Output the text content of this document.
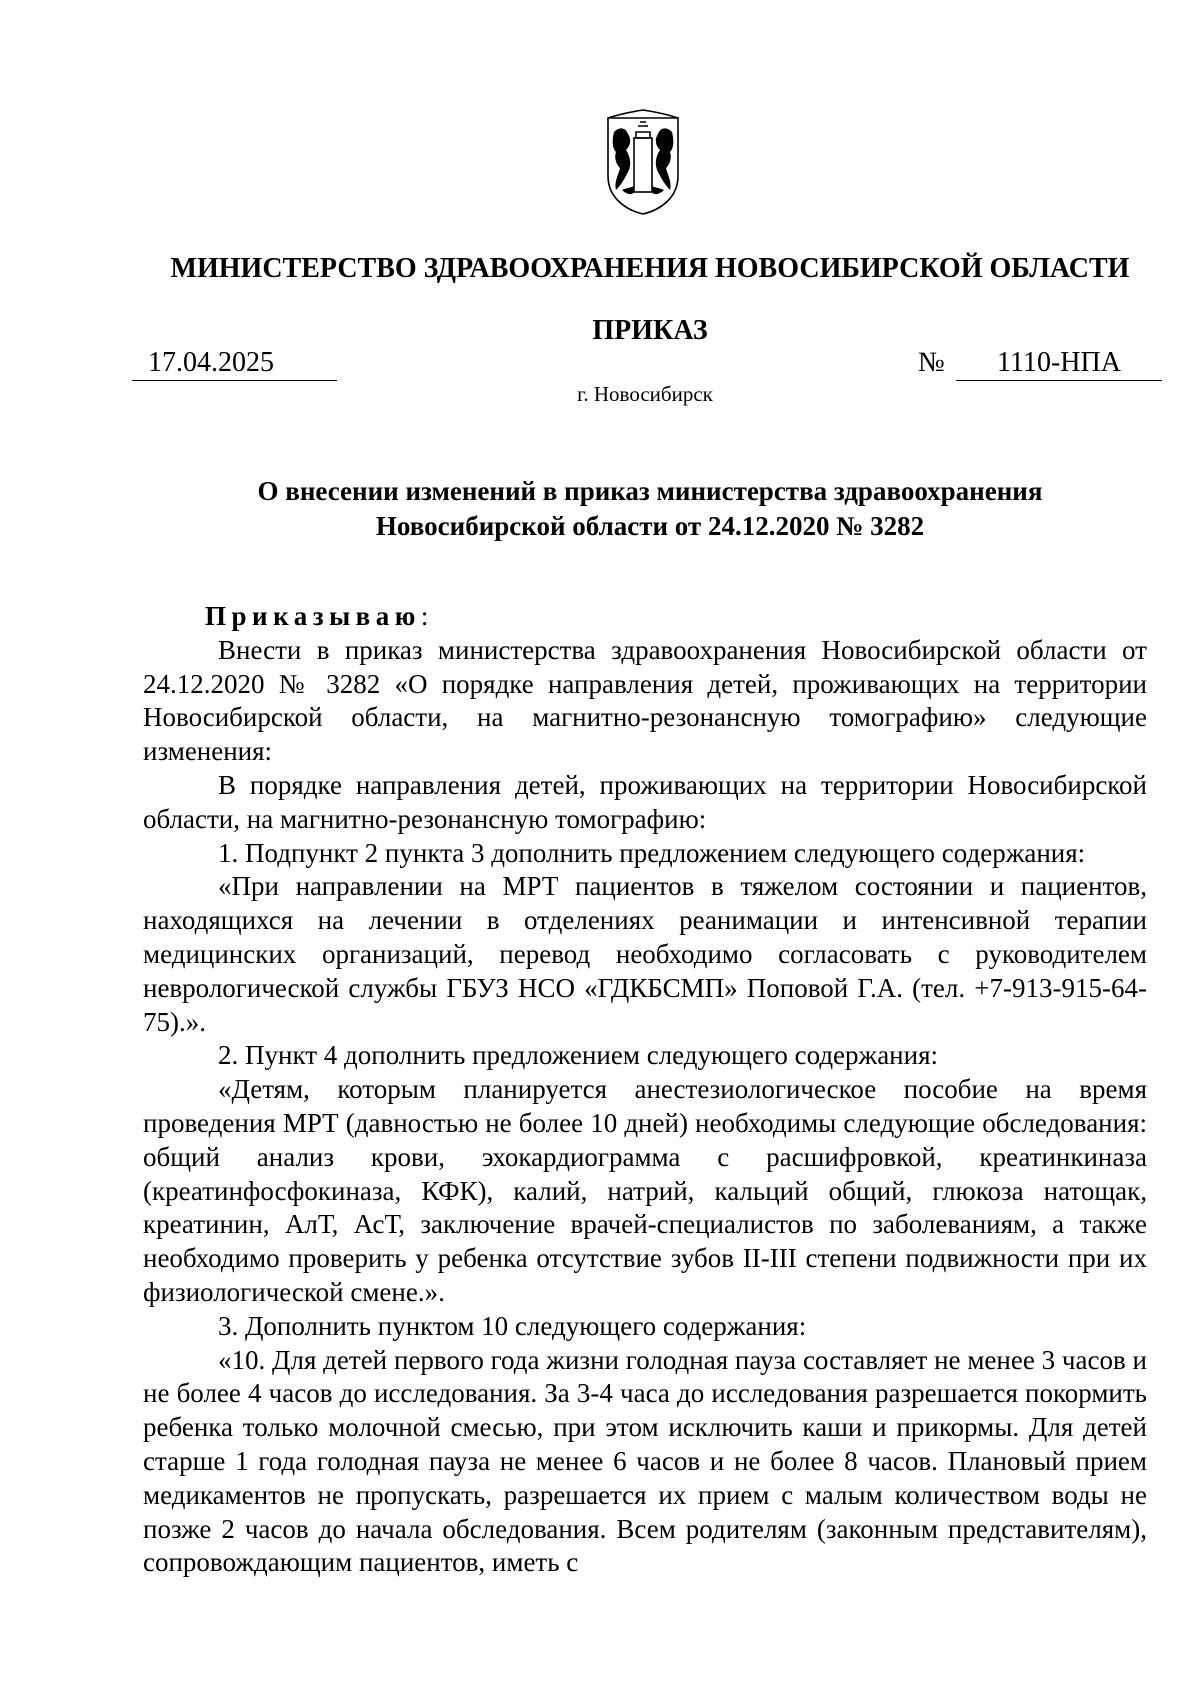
МИНИСТЕРСТВО ЗДРАВООХРАНЕНИЯ НОВОСИБИРСКОЙ ОБЛАСТИ
ПРИКАЗ
17.04.2025	№	1110-НПА
г. Новосибирск
О внесении изменений в приказ министерства здравоохранения
Новосибирской области от 24.12.2020 № 3282

Приказываю:

Внести в приказ министерства здравоохранения Новосибирской области от 24.12.2020 № 3282 «О порядке направления детей, проживающих на территории Новосибирской области, на магнитно-резонансную томографию» следующие изменения:

В порядке направления детей, проживающих на территории Новосибирской области, на магнитно-резонансную томографию:

1. Подпункт 2 пункта 3 дополнить предложением следующего содержания:

«При направлении на МРТ пациентов в тяжелом состоянии и пациентов, находящихся на лечении в отделениях реанимации и интенсивной терапии медицинских организаций, перевод необходимо согласовать с руководителем неврологической службы ГБУЗ НСО «ГДКБСМП» Поповой Г.А. (тел. +7-913-915-64-75).».

2. Пункт 4 дополнить предложением следующего содержания:

«Детям, которым планируется анестезиологическое пособие на время проведения МРТ (давностью не более 10 дней) необходимы следующие обследования: общий анализ крови, эхокардиограмма с расшифровкой, креатинкиназа (креатинфосфокиназа, КФК), калий, натрий, кальций общий, глюкоза натощак, креатинин, АлТ, АсТ, заключение врачей-специалистов по заболеваниям, а также необходимо проверить у ребенка отсутствие зубов II-III степени подвижности при их физиологической смене.».

3. Дополнить пунктом 10 следующего содержания:

«10. Для детей первого года жизни голодная пауза составляет не менее 3 часов и не более 4 часов до исследования. За 3-4 часа до исследования разрешается покормить ребенка только молочной смесью, при этом исключить каши и прикормы. Для детей старше 1 года голодная пауза не менее 6 часов и не более 8 часов. Плановый прием медикаментов не пропускать, разрешается их прием с малым количеством воды не позже 2 часов до начала обследования. Всем родителям (законным представителям), сопровождающим пациентов, иметь с
